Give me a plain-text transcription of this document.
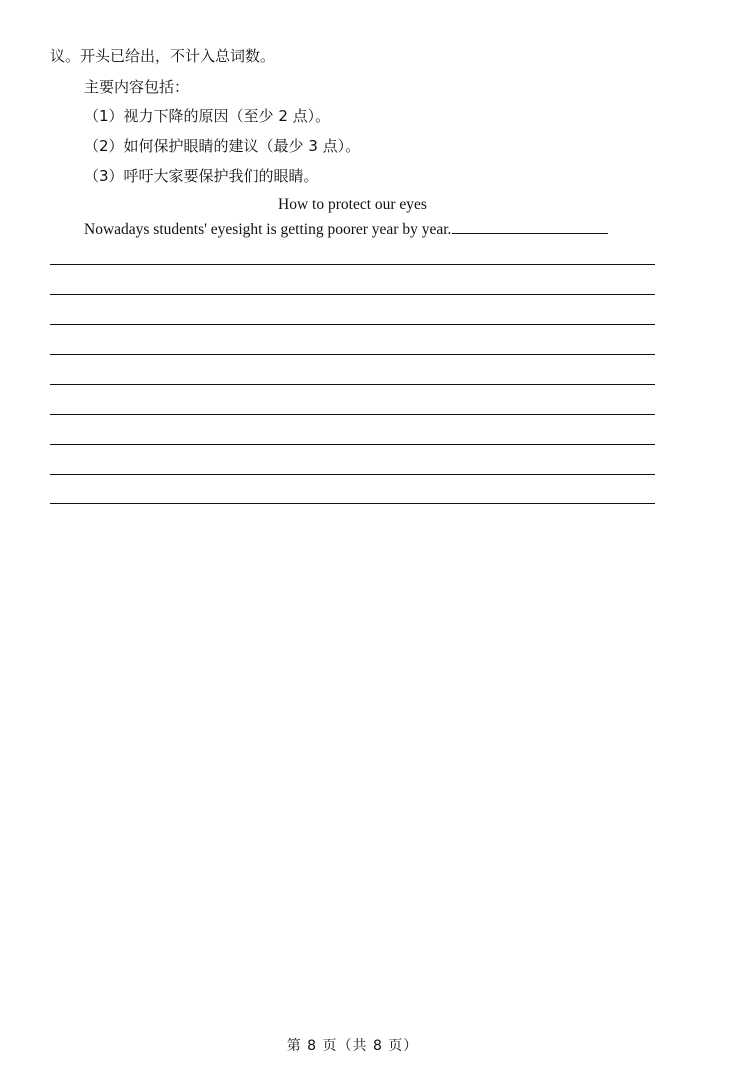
议。开头已给出，不计入总词数。
主要内容包括：
（1）视力下降的原因（至少 2 点）。
（2）如何保护眼睛的建议（最少 3 点）。
（3）呼吁大家要保护我们的眼睛。
How to protect our eyes
Nowadays students' eyesight is getting poorer year by year.
第 8 页（共 8 页）
